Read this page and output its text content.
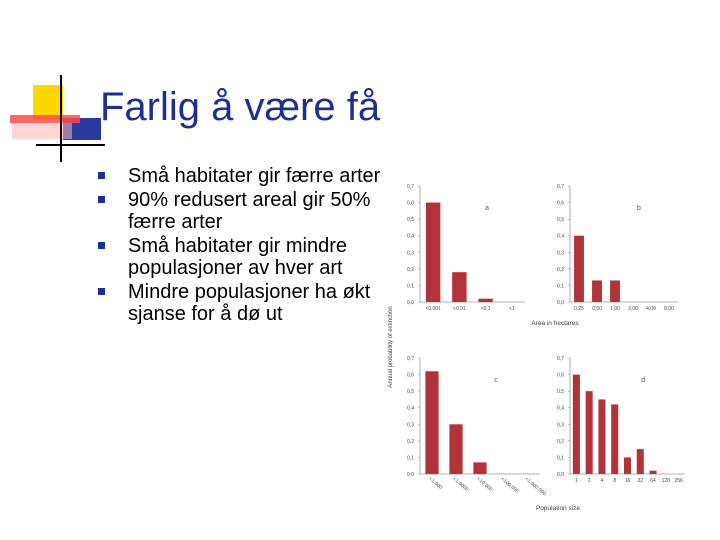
Farlig å være få
Små habitater gir færre arter
90% redusert areal gir 50% færre arter
Små habitater gir mindre populasjoner av hver art
Mindre populasjoner ha økt sjanse for å dø ut	0,0
0,1
0,2
0,3
0,4
0,5
0,6
0,7
<0,001 <0,01	<0,1	<1
a
0,0
0,1
0,2
0,3
0,4
0,5
0,6
0,7
0,25 0,50 1,00 2,00 4,00 8,00
b
0,0
0,1
0,2
0,3
0,4
0,5
0,6
0,7
<1 000 <1 0000 <10 000 <100 000 <1 000 000
c
0,0
0,1
0,2
0,3
0,4
0,5
0,6
0,7
1 2 4 8 16 32 64 128 256
d
Annual probability of extinction	Area in hectares
Population size
